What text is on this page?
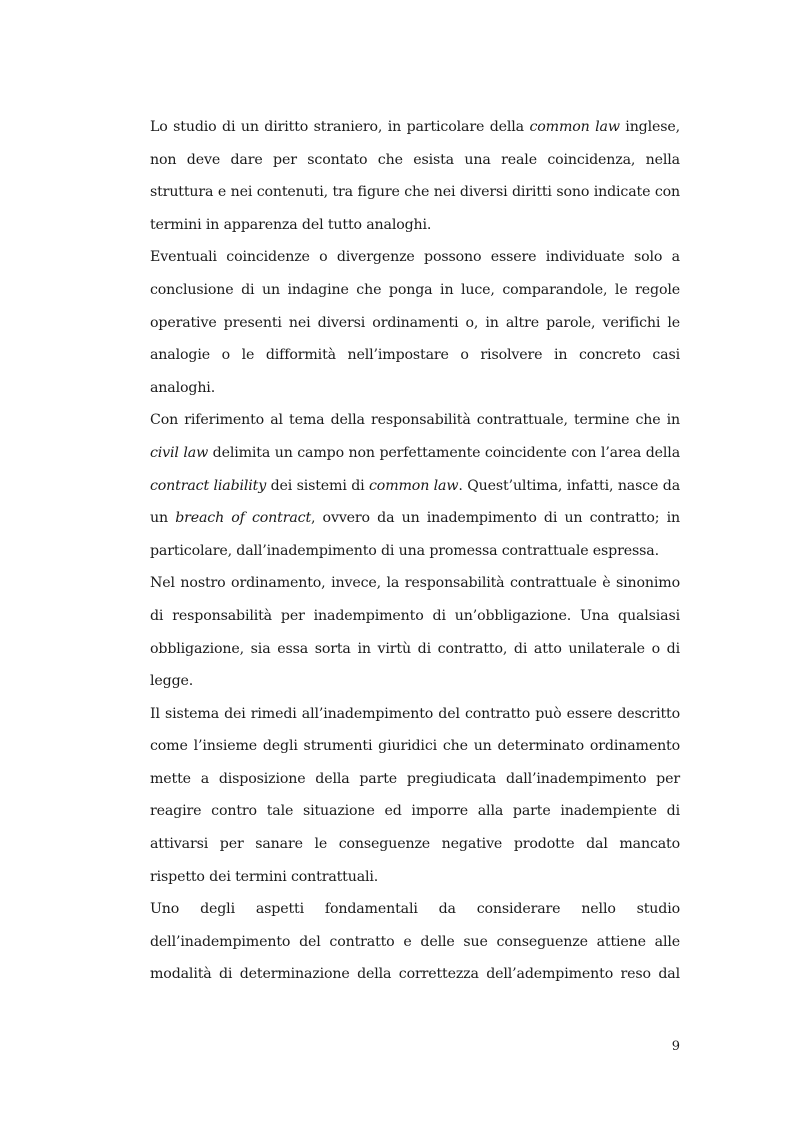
Lo studio di un diritto straniero, in particolare della common law inglese, non deve dare per scontato che esista una reale coincidenza, nella struttura e nei contenuti, tra figure che nei diversi diritti sono indicate con termini in apparenza del tutto analoghi.

Eventuali coincidenze o divergenze possono essere individuate solo a conclusione di un indagine che ponga in luce, comparandole, le regole operative presenti nei diversi ordinamenti o, in altre parole, verifichi le analogie o le difformità nell’impostare o risolvere in concreto casi analoghi.

Con riferimento al tema della responsabilità contrattuale, termine che in civil law delimita un campo non perfettamente coincidente con l’area della contract liability dei sistemi di common law. Quest’ultima, infatti, nasce da un breach of contract, ovvero da un inadempimento di un contratto; in particolare, dall’inadempimento di una promessa contrattuale espressa.

Nel nostro ordinamento, invece, la responsabilità contrattuale è sinonimo di responsabilità per inadempimento di un’obbligazione. Una qualsiasi obbligazione, sia essa sorta in virtù di contratto, di atto unilaterale o di legge.

Il sistema dei rimedi all’inadempimento del contratto può essere descritto come l’insieme degli strumenti giuridici che un determinato ordinamento mette a disposizione della parte pregiudicata dall’inadempimento per reagire contro tale situazione ed imporre alla parte inadempiente di attivarsi per sanare le conseguenze negative prodotte dal mancato rispetto dei termini contrattuali.

Uno degli aspetti fondamentali da considerare nello studio dell’inadempimento del contratto e delle sue conseguenze attiene alle modalità di determinazione della correttezza dell’adempimento reso dal

9
